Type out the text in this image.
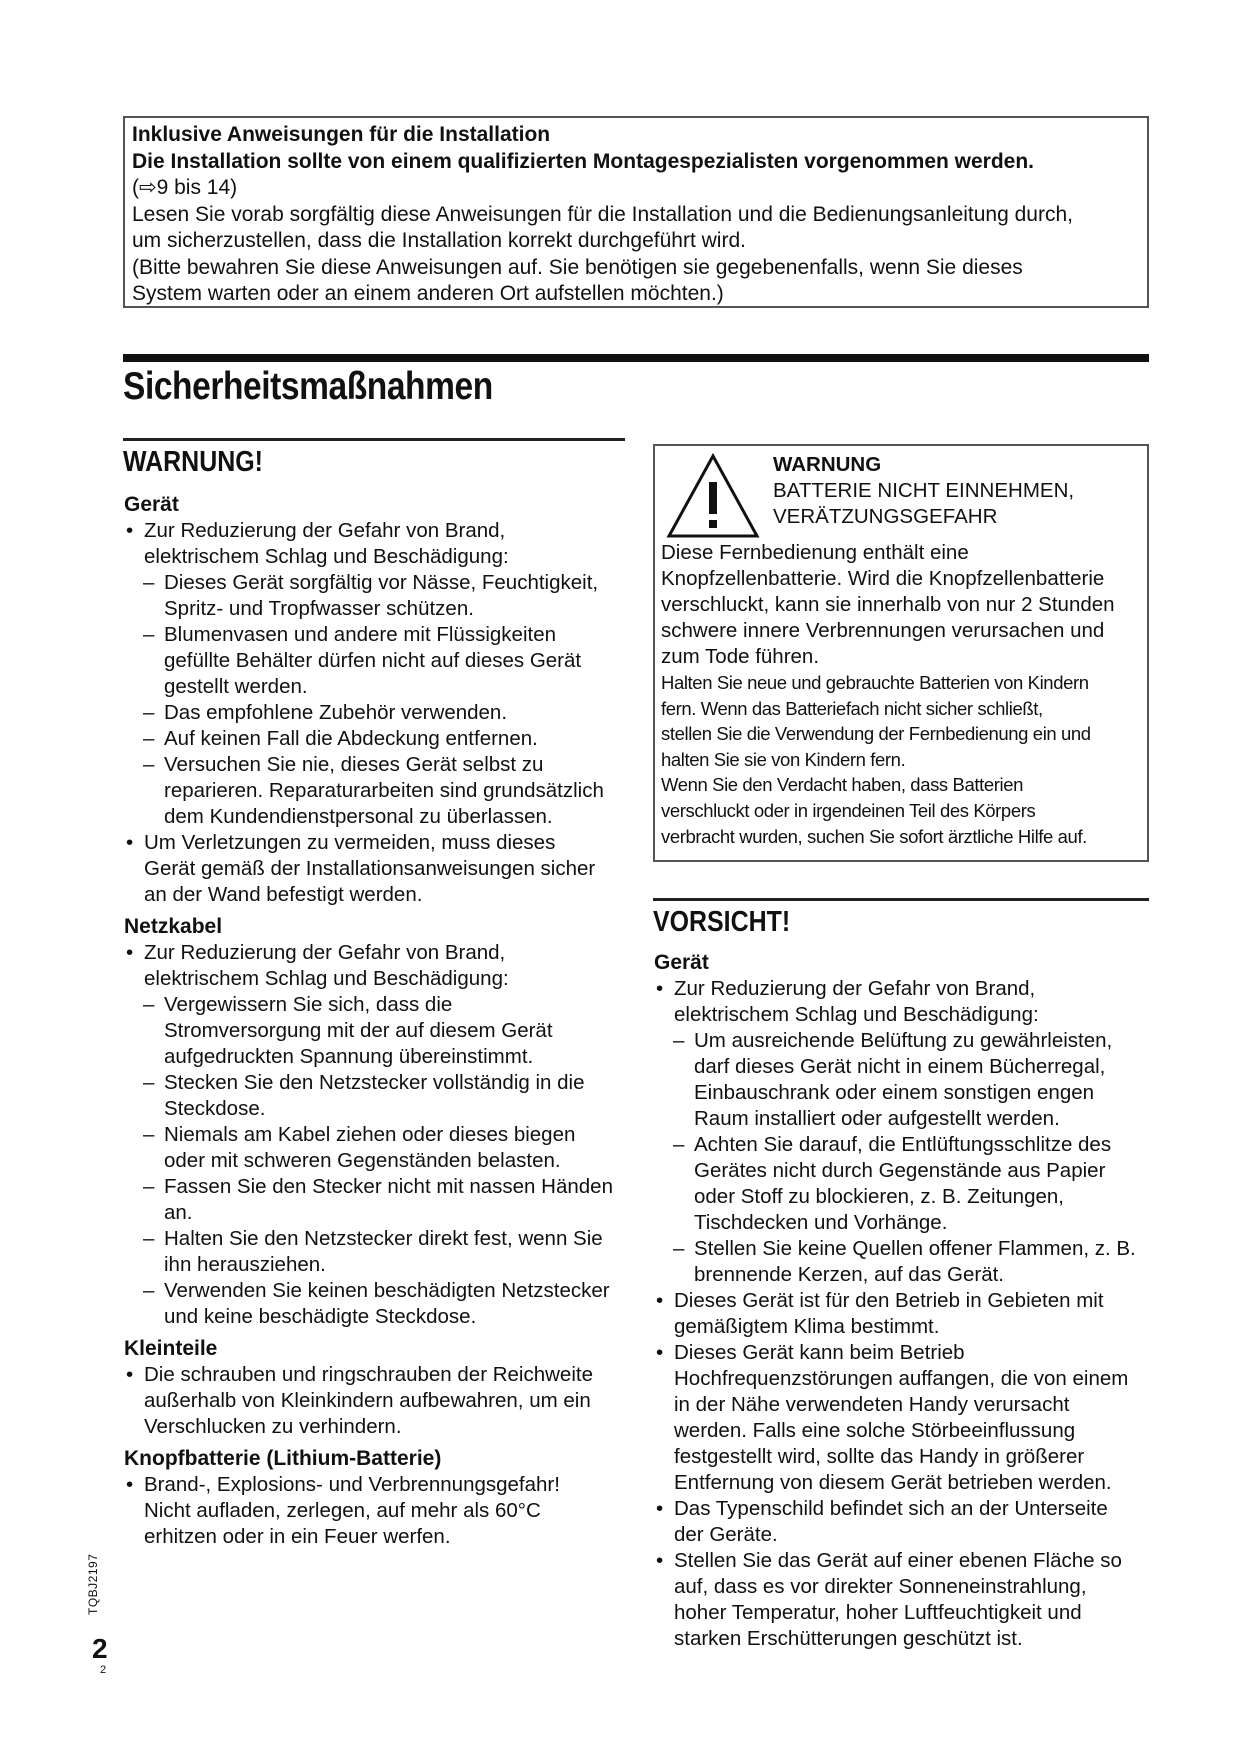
Inklusive Anweisungen für die Installation
Die Installation sollte von einem qualifizierten Montagespezialisten vorgenommen werden.
(⇨9 bis 14)
Lesen Sie vorab sorgfältig diese Anweisungen für die Installation und die Bedienungsanleitung durch,
um sicherzustellen, dass die Installation korrekt durchgeführt wird.
(Bitte bewahren Sie diese Anweisungen auf. Sie benötigen sie gegebenenfalls, wenn Sie dieses
System warten oder an einem anderen Ort aufstellen möchten.)
Sicherheitsmaßnahmen
WARNUNG!
Gerät
• Zur Reduzierung der Gefahr von Brand,
elektrischem Schlag und Beschädigung:
– Dieses Gerät sorgfältig vor Nässe, Feuchtigkeit,
Spritz- und Tropfwasser schützen.
– Blumenvasen und andere mit Flüssigkeiten
gefüllte Behälter dürfen nicht auf dieses Gerät
gestellt werden.
– Das empfohlene Zubehör verwenden.
– Auf keinen Fall die Abdeckung entfernen.
– Versuchen Sie nie, dieses Gerät selbst zu
reparieren. Reparaturarbeiten sind grundsätzlich
dem Kundendienstpersonal zu überlassen.
• Um Verletzungen zu vermeiden, muss dieses
Gerät gemäß der Installationsanweisungen sicher
an der Wand befestigt werden.
Netzkabel
• Zur Reduzierung der Gefahr von Brand,
elektrischem Schlag und Beschädigung:
– Vergewissern Sie sich, dass die
Stromversorgung mit der auf diesem Gerät
aufgedruckten Spannung übereinstimmt.
– Stecken Sie den Netzstecker vollständig in die
Steckdose.
– Niemals am Kabel ziehen oder dieses biegen
oder mit schweren Gegenständen belasten.
– Fassen Sie den Stecker nicht mit nassen Händen
an.
– Halten Sie den Netzstecker direkt fest, wenn Sie
ihn herausziehen.
– Verwenden Sie keinen beschädigten Netzstecker
und keine beschädigte Steckdose.
Kleinteile
• Die schrauben und ringschrauben der Reichweite
außerhalb von Kleinkindern aufbewahren, um ein
Verschlucken zu verhindern.
Knopfbatterie (Lithium-Batterie)
• Brand-, Explosions- und Verbrennungsgefahr!
Nicht aufladen, zerlegen, auf mehr als 60°C
erhitzen oder in ein Feuer werfen.
WARNUNG
BATTERIE NICHT EINNEHMEN,
VERÄTZUNGSGEFAHR
Diese Fernbedienung enthält eine
Knopfzellenbatterie. Wird die Knopfzellenbatterie
verschluckt, kann sie innerhalb von nur 2 Stunden
schwere innere Verbrennungen verursachen und
zum Tode führen.
Halten Sie neue und gebrauchte Batterien von Kindern
fern. Wenn das Batteriefach nicht sicher schließt,
stellen Sie die Verwendung der Fernbedienung ein und
halten Sie sie von Kindern fern.
Wenn Sie den Verdacht haben, dass Batterien
verschluckt oder in irgendeinen Teil des Körpers
verbracht wurden, suchen Sie sofort ärztliche Hilfe auf.
VORSICHT!
Gerät
• Zur Reduzierung der Gefahr von Brand,
elektrischem Schlag und Beschädigung:
– Um ausreichende Belüftung zu gewährleisten,
darf dieses Gerät nicht in einem Bücherregal,
Einbauschrank oder einem sonstigen engen
Raum installiert oder aufgestellt werden.
– Achten Sie darauf, die Entlüftungsschlitze des
Gerätes nicht durch Gegenstände aus Papier
oder Stoff zu blockieren, z. B. Zeitungen,
Tischdecken und Vorhänge.
– Stellen Sie keine Quellen offener Flammen, z. B.
brennende Kerzen, auf das Gerät.
• Dieses Gerät ist für den Betrieb in Gebieten mit
gemäßigtem Klima bestimmt.
• Dieses Gerät kann beim Betrieb
Hochfrequenzstörungen auffangen, die von einem
in der Nähe verwendeten Handy verursacht
werden. Falls eine solche Störbeeinflussung
festgestellt wird, sollte das Handy in größerer
Entfernung von diesem Gerät betrieben werden.
• Das Typenschild befindet sich an der Unterseite
der Geräte.
• Stellen Sie das Gerät auf einer ebenen Fläche so
auf, dass es vor direkter Sonneneinstrahlung,
hoher Temperatur, hoher Luftfeuchtigkeit und
starken Erschütterungen geschützt ist.
TQBJ2197
2
2
